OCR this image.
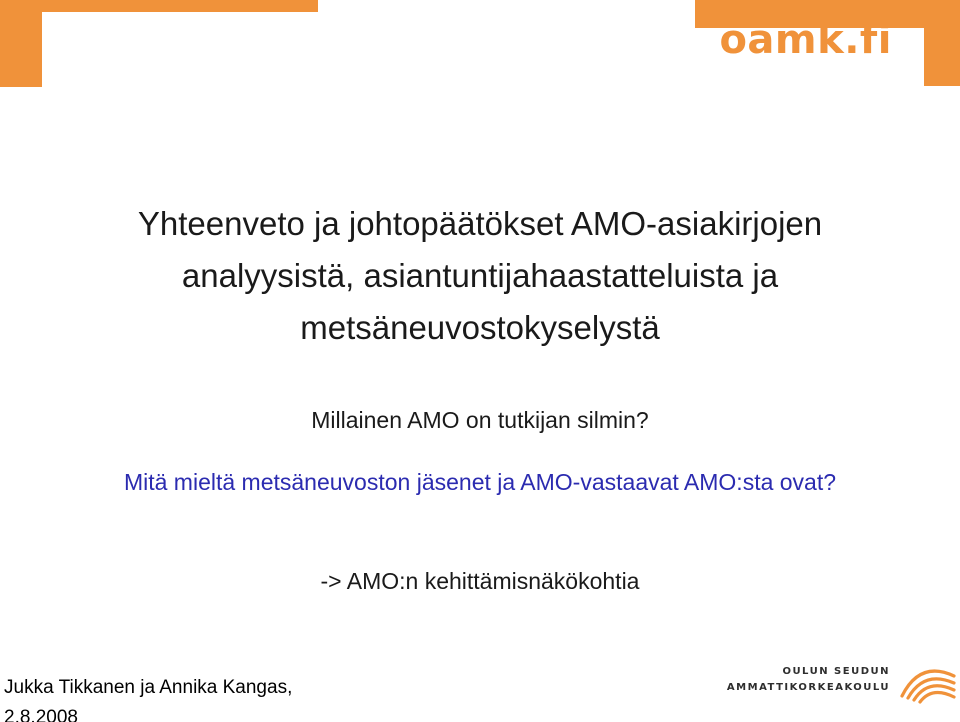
oamk.fi
Yhteenveto ja johtopäätökset AMO-asiakirjojen
analyysistä, asiantuntijahaastatteluista ja
metsäneuvostokyselystä
Millainen AMO on tutkijan silmin?
Mitä mieltä metsäneuvoston jäsenet ja AMO-vastaavat AMO:sta ovat?
-> AMO:n kehittämisnäkökohtia
Jukka Tikkanen ja Annika Kangas,
2.8.2008
OULUN SEUDUN
AMMATTIKORKEAKOULU
